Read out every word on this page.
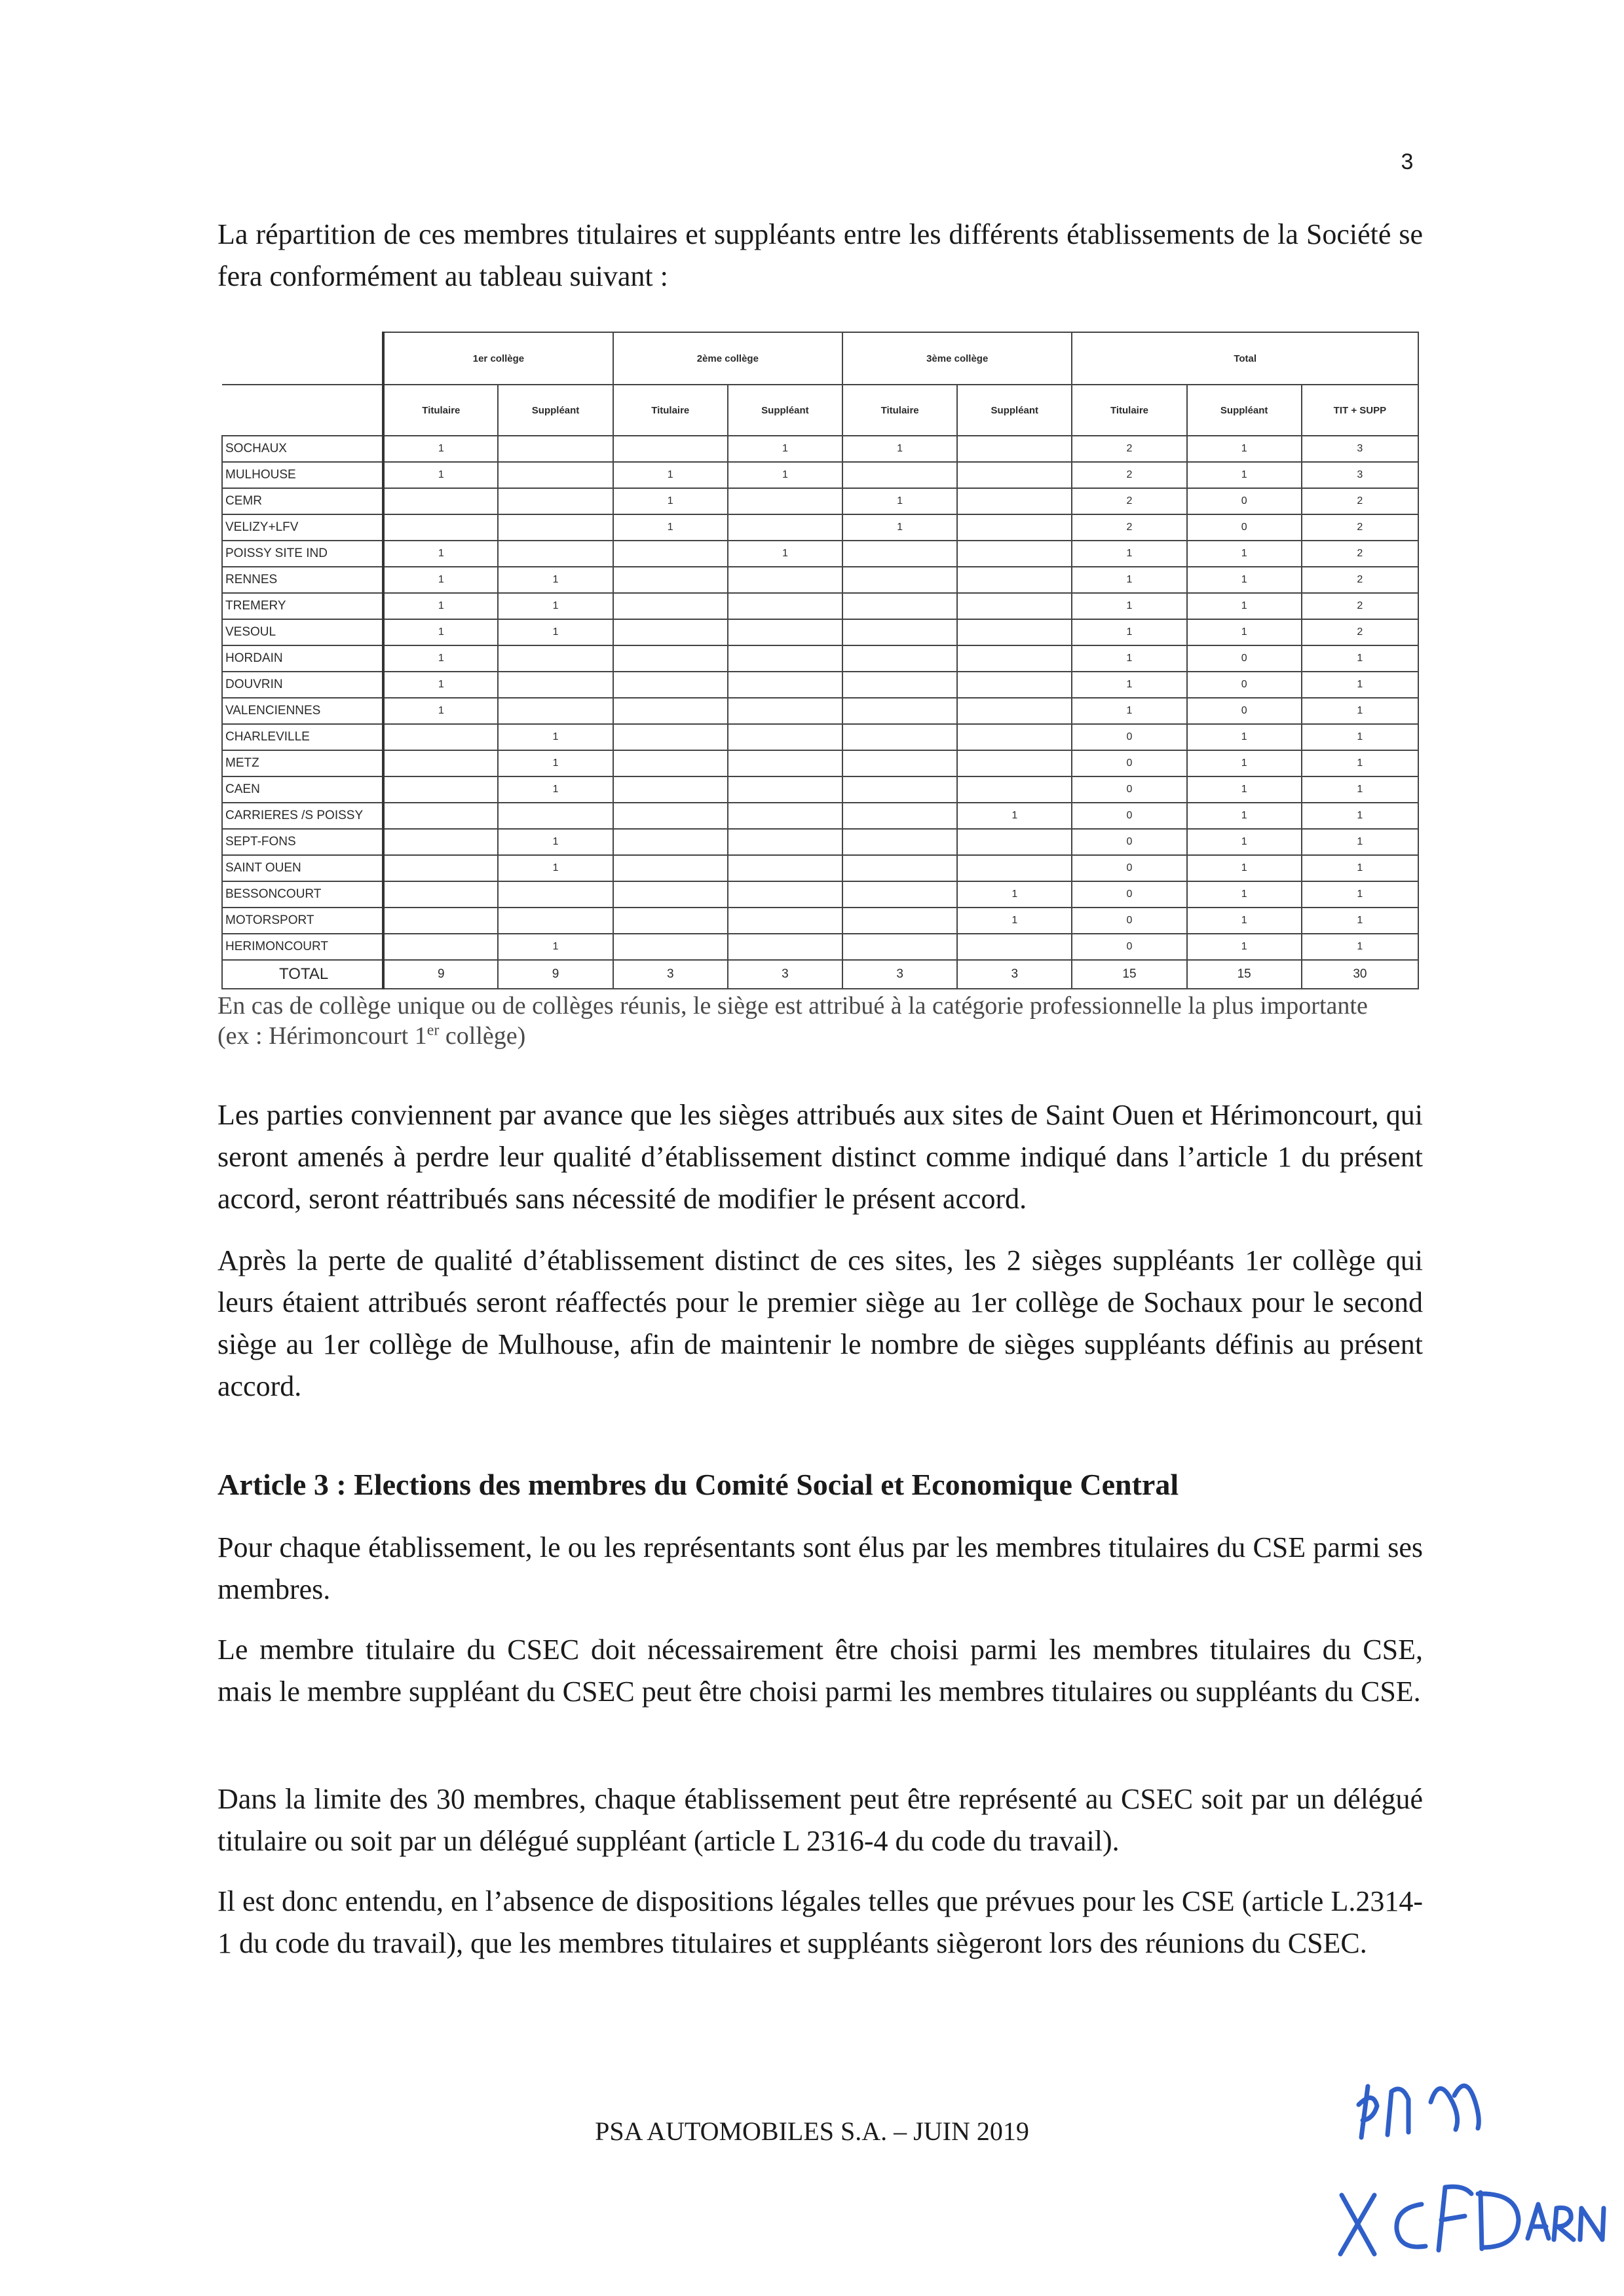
3

La répartition de ces membres titulaires et suppléants entre les différents établissements de la Société se fera conformément au tableau suivant :

	1er collège		2ème collège		3ème collège		Total		
	Titulaire	Suppléant	Titulaire	Suppléant	Titulaire	Suppléant	Titulaire	Suppléant	TIT + SUPP
SOCHAUX	1			1	1		2	1	3
MULHOUSE	1		1	1			2	1	3
CEMR			1		1		2	0	2
VELIZY+LFV			1		1		2	0	2
POISSY SITE IND	1			1			1	1	2
RENNES	1	1					1	1	2
TREMERY	1	1					1	1	2
VESOUL	1	1					1	1	2
HORDAIN	1						1	0	1
DOUVRIN	1						1	0	1
VALENCIENNES	1						1	0	1
CHARLEVILLE		1					0	1	1
METZ		1					0	1	1
CAEN		1					0	1	1
CARRIERES /S POISSY						1	0	1	1
SEPT-FONS		1					0	1	1
SAINT OUEN		1					0	1	1
BESSONCOURT						1	0	1	1
MOTORSPORT						1	0	1	1
HERIMONCOURT		1					0	1	1
TOTAL	9	9	3	3	3	3	15	15	30

En cas de collège unique ou de collèges réunis, le siège est attribué à la catégorie professionnelle la plus importante
(ex : Hérimoncourt 1er collège)

Les parties conviennent par avance que les sièges attribués aux sites de Saint Ouen et Hérimoncourt, qui seront amenés à perdre leur qualité d’établissement distinct comme indiqué dans l’article 1 du présent accord, seront réattribués sans nécessité de modifier le présent accord.

Après la perte de qualité d’établissement distinct de ces sites, les 2 sièges suppléants 1er collège qui leurs étaient attribués seront réaffectés pour le premier siège au 1er collège de Sochaux pour le second siège au 1er collège de Mulhouse, afin de maintenir le nombre de sièges suppléants définis au présent accord.

Article 3 : Elections des membres du Comité Social et Economique Central

Pour chaque établissement, le ou les représentants sont élus par les membres titulaires du CSE parmi ses membres.

Le membre titulaire du CSEC doit nécessairement être choisi parmi les membres titulaires du CSE, mais le membre suppléant du CSEC peut être choisi parmi les membres titulaires ou suppléants du CSE.

Dans la limite des 30 membres, chaque établissement peut être représenté au CSEC soit par un délégué titulaire ou soit par un délégué suppléant (article L 2316-4 du code du travail).

Il est donc entendu, en l’absence de dispositions légales telles que prévues pour les CSE (article L.2314-1 du code du travail), que les membres titulaires et suppléants siègeront lors des réunions du CSEC.

PSA AUTOMOBILES S.A. – JUIN 2019
